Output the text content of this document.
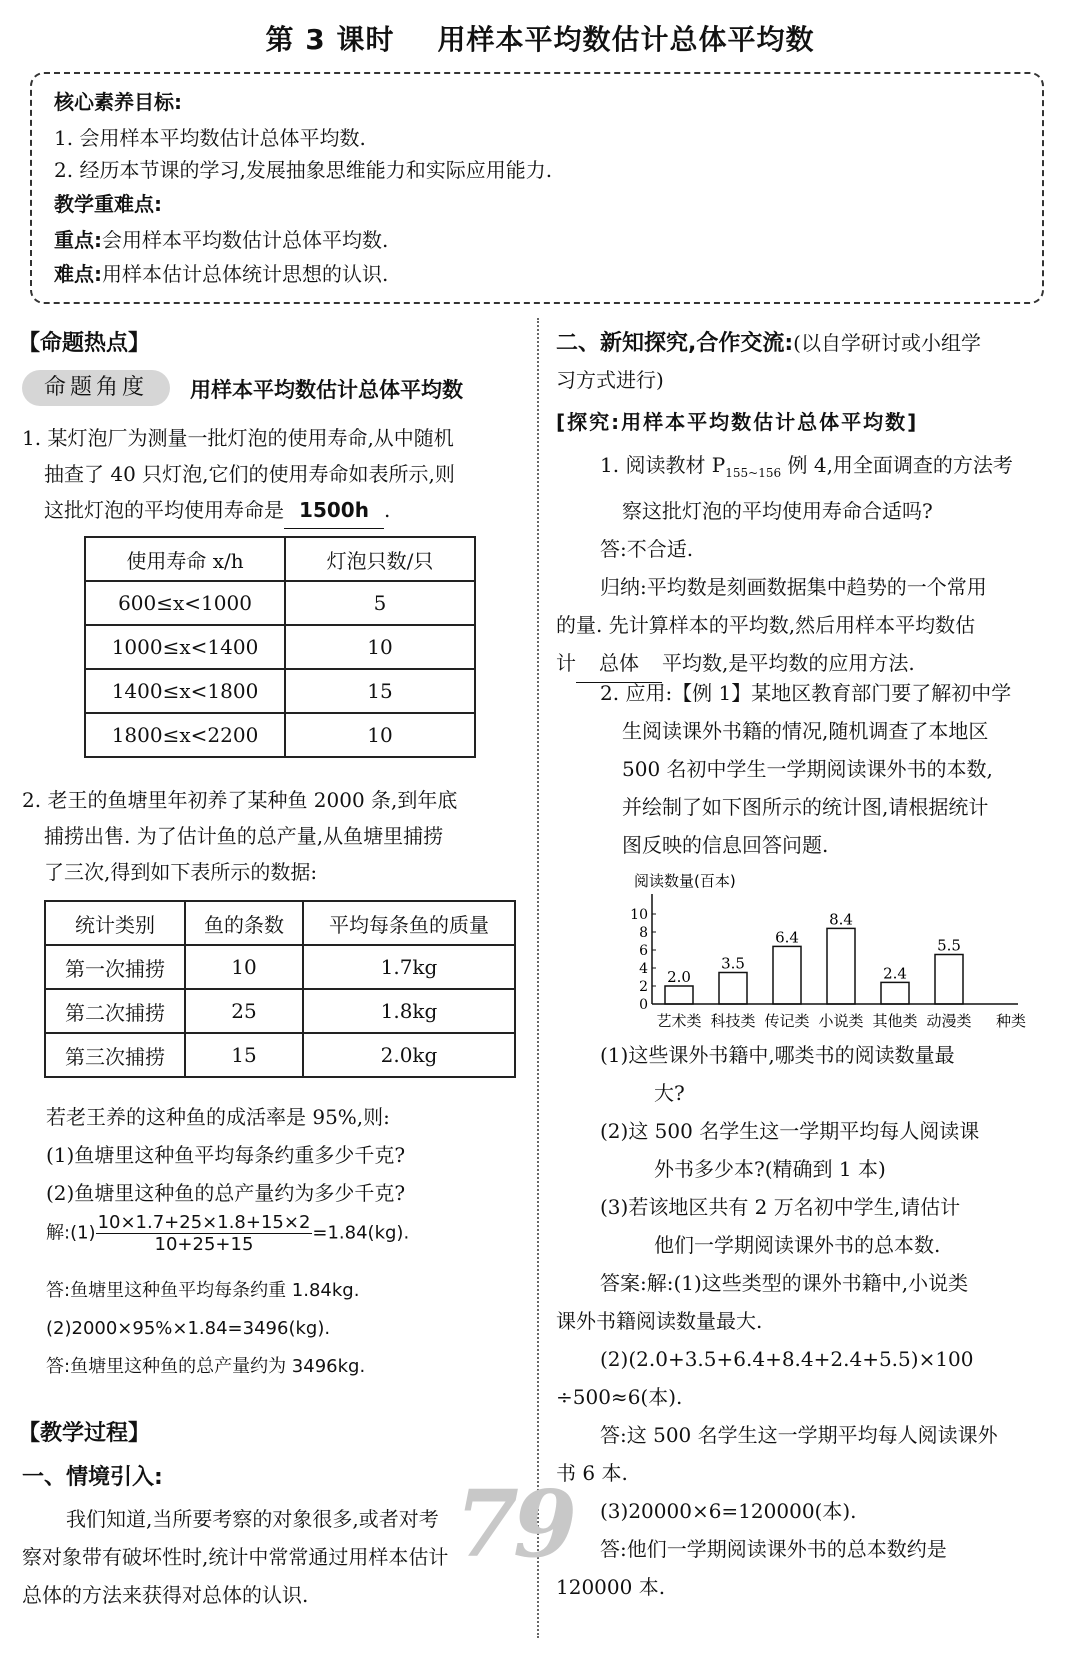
第 3 课时 用样本平均数估计总体平均数
核心素养目标:
1. 会用样本平均数估计总体平均数.
2. 经历本节课的学习,发展抽象思维能力和实际应用能力.
教学重难点:
重点:会用样本平均数估计总体平均数.
难点:用样本估计总体统计思想的认识.
【命题热点】
命题角度	用样本平均数估计总体平均数
1. 某灯泡厂为测量一批灯泡的使用寿命,从中随机
抽查了 40 只灯泡,它们的使用寿命如表所示,则
这批灯泡的平均使用寿命是 1500h .
使用寿命 x/h	灯泡只数/只
600≤x<1000	5
1000≤x<1400	10
1400≤x<1800	15
1800≤x<2200	10
2. 老王的鱼塘里年初养了某种鱼 2000 条,到年底
捕捞出售. 为了估计鱼的总产量,从鱼塘里捕捞
了三次,得到如下表所示的数据:
统计类别	鱼的条数	平均每条鱼的质量
第一次捕捞	10	1.7kg
第二次捕捞	25	1.8kg
第三次捕捞	15	2.0kg
若老王养的这种鱼的成活率是 95%,则:
(1)鱼塘里这种鱼平均每条约重多少千克?
(2)鱼塘里这种鱼的总产量约为多少千克?
解:(1) $\frac{10\times 1.7+25\times 1.8+15\times 2}{10+25+15} =1.84(kg)$.
答:鱼塘里这种鱼平均每条约重 1.84kg.
(2)2000×95%×1.84=3496(kg).
答:鱼塘里这种鱼的总产量约为 3496kg.
【教学过程】
一、情境引入:
我们知道,当所要考察的对象很多,或者对考
察对象带有破坏性时,统计中常常通过用样本估计
总体的方法来获得对总体的认识.
79
二、新知探究,合作交流:(以自学研讨或小组学
习方式进行)
[探究:用样本平均数估计总体平均数]
1. 阅读教材 $P_{155\sim 156}$ 例 4,用全面调查的方法考
察这批灯泡的平均使用寿命合适吗?
答:不合适.
归纳:平均数是刻画数据集中趋势的一个常用
的量. 先计算样本的平均数,然后用样本平均数估
计 总体 平均数,是平均数的应用方法.
2. 应用:【例 1】某地区教育部门要了解初中学
生阅读课外书籍的情况,随机调查了本地区
500 名初中学生一学期阅读课外书的本数,
并绘制了如下图所示的统计图,请根据统计
图反映的信息回答问题.
阅读数量(百本)
0
2
4
6
8
10
2.0
3.5
6.4
8.4
2.4
5.5
艺术类 科技类 传记类 小说类 其他类 动漫类 种类
(1)这些课外书籍中,哪类书的阅读数量最
大?
(2)这 500 名学生这一学期平均每人阅读课
外书多少本?(精确到 1 本)
(3)若该地区共有 2 万名初中学生,请估计
他们一学期阅读课外书的总本数.
答案:解:(1)这些类型的课外书籍中,小说类
课外书籍阅读数量最大.
(2)(2.0+3.5+6.4+8.4+2.4+5.5)×100
÷500≈6(本).
答:这 500 名学生这一学期平均每人阅读课外
书 6 本.
(3)20000×6=120000(本).
答:他们一学期阅读课外书的总本数约是
120000 本.
